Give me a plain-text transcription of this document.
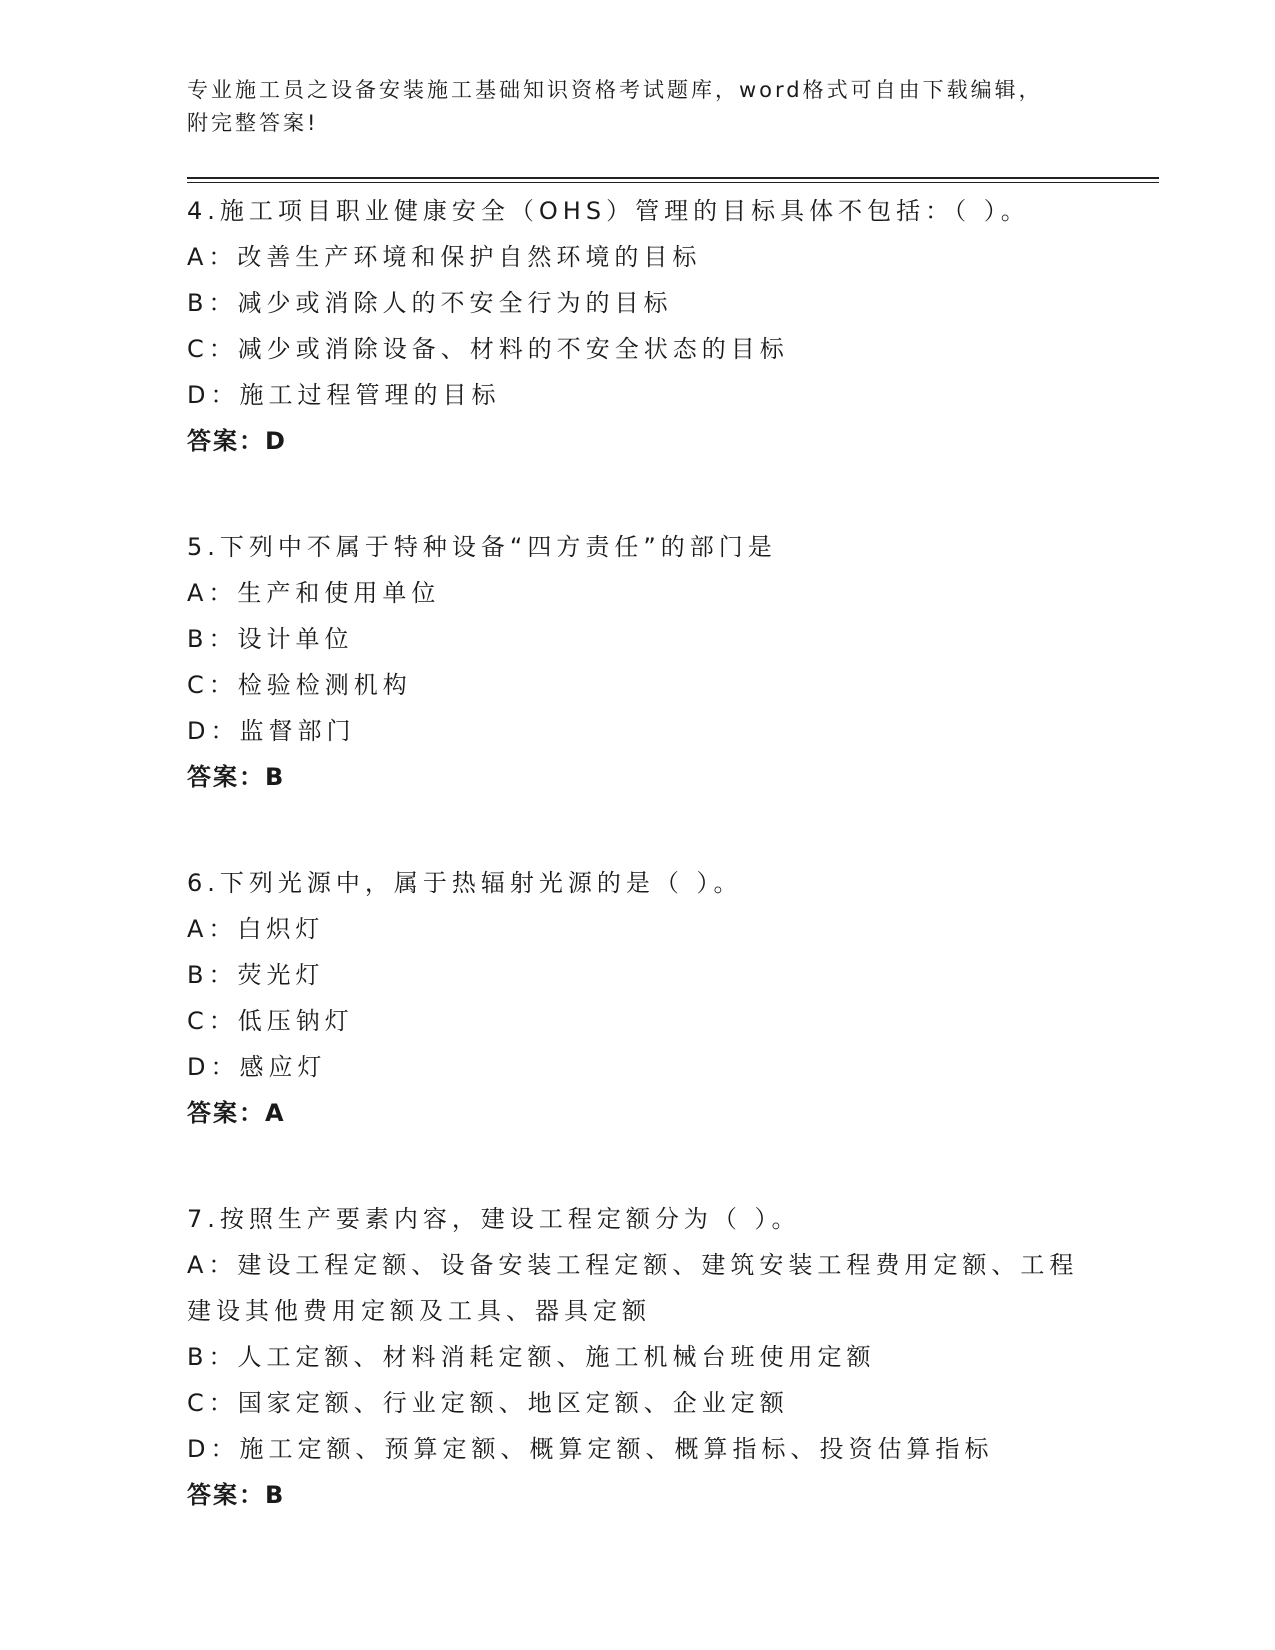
专业施工员之设备安装施工基础知识资格考试题库，word格式可自由下载编辑，
附完整答案!
4.施工项目职业健康安全（OHS）管理的目标具体不包括：（ ）。
A：改善生产环境和保护自然环境的目标
B：减少或消除人的不安全行为的目标
C：减少或消除设备、材料的不安全状态的目标
D：施工过程管理的目标
答案：D
5.下列中不属于特种设备“四方责任”的部门是
A：生产和使用单位
B：设计单位
C：检验检测机构
D：监督部门
答案：B
6.下列光源中，属于热辐射光源的是（ ）。
A：白炽灯
B：荧光灯
C：低压钠灯
D：感应灯
答案：A
7.按照生产要素内容，建设工程定额分为（ ）。
A：建设工程定额、设备安装工程定额、建筑安装工程费用定额、工程建设其他费用定额及工具、器具定额
B：人工定额、材料消耗定额、施工机械台班使用定额
C：国家定额、行业定额、地区定额、企业定额
D：施工定额、预算定额、概算定额、概算指标、投资估算指标
答案：B
